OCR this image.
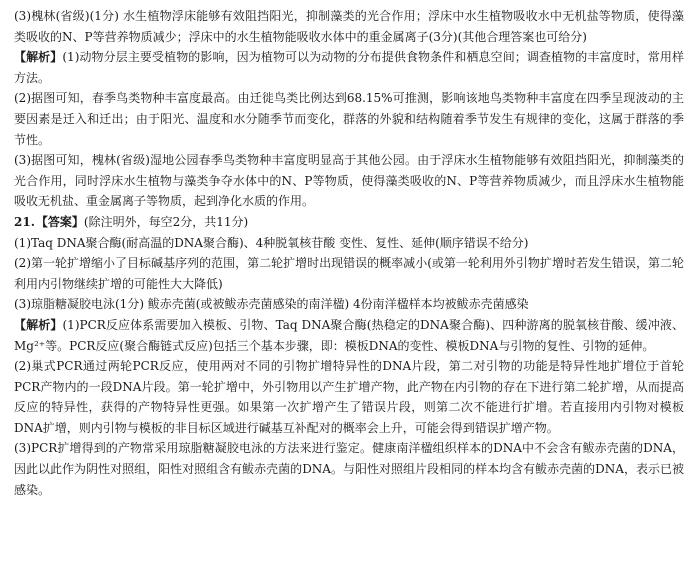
(3)槐林(省级)(1分) 水生植物浮床能够有效阻挡阳光，抑制藻类的光合作用；浮床中水生植物吸收水中无机盐等物质，使得藻类吸收的N、P等营养物质减少；浮床中的水生植物能吸收水体中的重金属离子(3分)(其他合理答案也可给分)

【解析】(1)动物分层主要受植物的影响，因为植物可以为动物的分布提供食物条件和栖息空间；调查植物的丰富度时，常用样方法。

(2)据图可知，春季鸟类物种丰富度最高。由迁徙鸟类比例达到68.15%可推测，影响该地鸟类物种丰富度在四季呈现波动的主要因素是迁入和迁出；由于阳光、温度和水分随季节而变化，群落的外貌和结构随着季节发生有规律的变化，这属于群落的季节性。

(3)据图可知，槐林(省级)湿地公园春季鸟类物种丰富度明显高于其他公园。由于浮床水生植物能够有效阻挡阳光，抑制藻类的光合作用，同时浮床水生植物与藻类争夺水体中的N、P等物质，使得藻类吸收的N、P等营养物质减少，而且浮床水生植物能吸收无机盐、重金属离子等物质，起到净化水质的作用。

21.【答案】(除注明外，每空2分，共11分)

(1)Taq DNA聚合酶(耐高温的DNA聚合酶)、4种脱氧核苷酸 变性、复性、延伸(顺序错误不给分)

(2)第一轮扩增缩小了目标碱基序列的范围，第二轮扩增时出现错误的概率减小(或第一轮利用外引物扩增时若发生错误，第二轮利用内引物继续扩增的可能性大大降低)

(3)琼脂糖凝胶电泳(1分) 鲅赤壳菌(或被鲅赤壳菌感染的南洋楹) 4份南洋楹样本均被鲅赤壳菌感染

【解析】(1)PCR反应体系需要加入模板、引物、Taq DNA聚合酶(热稳定的DNA聚合酶)、四种游离的脱氧核苷酸、缓冲液、Mg²⁺等。PCR反应(聚合酶链式反应)包括三个基本步骤，即：模板DNA的变性、模板DNA与引物的复性、引物的延伸。

(2)巢式PCR通过两轮PCR反应，使用两对不同的引物扩增特异性的DNA片段，第二对引物的功能是特异性地扩增位于首轮PCR产物内的一段DNA片段。第一轮扩增中，外引物用以产生扩增产物，此产物在内引物的存在下进行第二轮扩增，从而提高反应的特异性，获得的产物特异性更强。如果第一次扩增产生了错误片段，则第二次不能进行扩增。若直接用内引物对模板DNA扩增，则内引物与模板的非目标区域进行碱基互补配对的概率会上升，可能会得到错误扩增产物。

(3)PCR扩增得到的产物常采用琼脂糖凝胶电泳的方法来进行鉴定。健康南洋楹组织样本的DNA中不会含有鲅赤壳菌的DNA，因此以此作为阴性对照组，阳性对照组含有鲅赤壳菌的DNA。与阳性对照组片段相同的样本均含有鲅赤壳菌的DNA，表示已被感染。
